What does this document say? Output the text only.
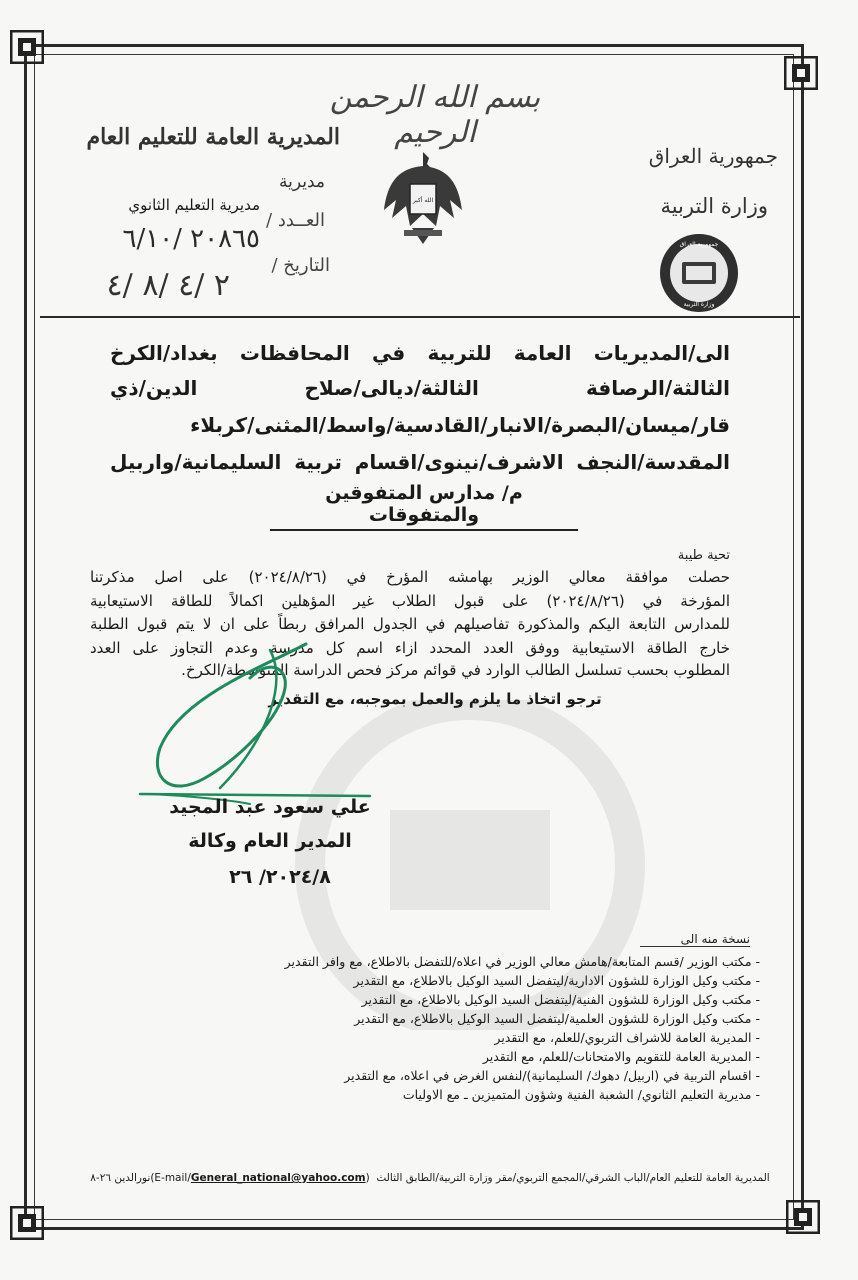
بسم الله الرحمن الرحيم
جمهورية العراق
وزارة التربية
المديرية العامة للتعليم العام
مديرية
مديرية التعليم الثانوي
العــدد /
٢٠٨٦٥ /٦/١٠
التاريخ /
٢ /٤ /٨ /٤
الله أكبر
جمهورية العراق
وزارة التربية
الى/المديريات العامة للتربية في المحافظات بغداد/الكرخ
الثالثة/الرصافة الثالثة/ديالى/صلاح الدين/ذي
قار/ميسان/البصرة/الانبار/القادسية/واسط/المثنى/كربلاء
المقدسة/النجف الاشرف/نينوى/اقسام تربية السليمانية/واربيل
م/ مدارس المتفوقين والمتفوقات
تحية طيبة
حصلت موافقة معالي الوزير بهامشه المؤرخ في (٢٠٢٤/٨/٢٦) على اصل مذكرتنا
المؤرخة في (٢٠٢٤/٨/٢٦) على قبول الطلاب غير المؤهلين اكمالاً للطاقة الاستيعابية
للمدارس التابعة اليكم والمذكورة تفاصيلهم في الجدول المرافق ربطاً على ان لا يتم قبول الطلبة
خارج الطاقة الاستيعابية ووفق العدد المحدد ازاء اسم كل مدرسة وعدم التجاوز على العدد
المطلوب بحسب تسلسل الطالب الوارد في قوائم مركز فحص الدراسة المتوسطة/الكرخ.
ترجو اتخاذ ما يلزم والعمل بموجبه، مع التقدير
علي سعود عبد المجيد
المدير العام وكالة
٢٠٢٤/٨/ ٢٦
نسخة منه الى
- مكتب الوزير /قسم المتابعة/هامش معالي الوزير في اعلاه/للتفضل بالاطلاع، مع وافر التقدير
- مكتب وكيل الوزارة للشؤون الادارية/ليتفضل السيد الوكيل بالاطلاع، مع التقدير
- مكتب وكيل الوزارة للشؤون الفنية/ليتفضل السيد الوكيل بالاطلاع، مع التقدير
- مكتب وكيل الوزارة للشؤون العلمية/ليتفضل السيد الوكيل بالاطلاع، مع التقدير
- المديرية العامة للاشراف التربوي/للعلم، مع التقدير
- المديرية العامة للتقويم والامتحانات/للعلم، مع التقدير
- اقسام التربية في (اربيل/ دهوك/ السليمانية)/لنفس الغرض في اعلاه، مع التقدير
- مديرية التعليم الثانوي/ الشعبة الفنية وشؤون المتميزين ـ مع الاوليات
المديرية العامة للتعليم العام/الباب الشرقي/المجمع التربوي/مقر وزارة التربية/الطابق الثالث (E-mail/General_national@yahoo.com) نورالدين ٢٦-٨
